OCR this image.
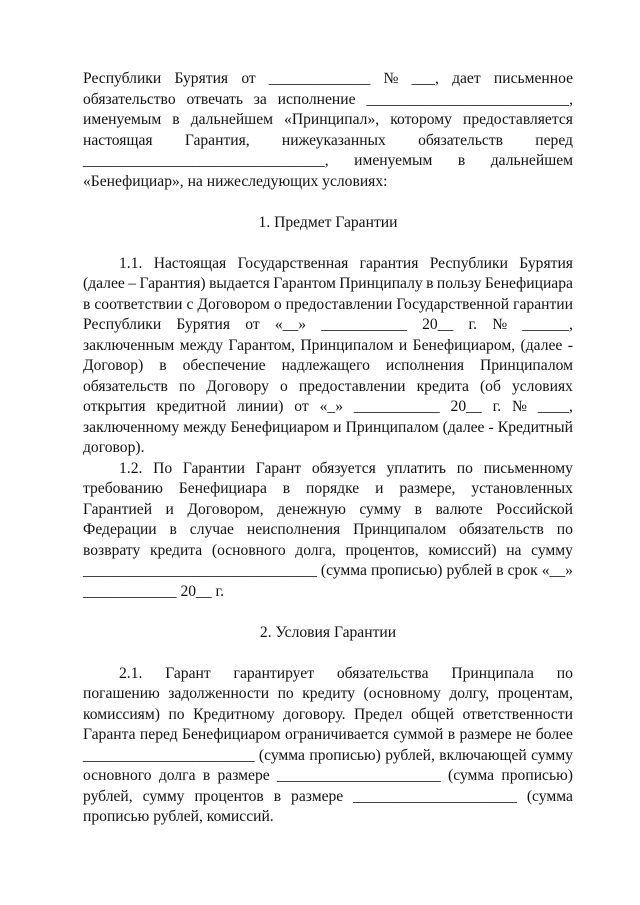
Республики Бурятия от _____________ № ___, дает письменное
обязательство отвечать за исполнение __________________________,
именуемым в дальнейшем «Принципал», которому предоставляется
настоящая Гарантия, нижеуказанных обязательств перед
_______________________________, именуемым в дальнейшем
«Бенефициар», на нижеследующих условиях:
1. Предмет Гарантии
1.1. Настоящая Государственная гарантия Республики Бурятия
(далее – Гарантия) выдается Гарантом Принципалу в пользу Бенефициара
в соответствии с Договором о предоставлении Государственной гарантии
Республики Бурятия от «__» ___________ 20__ г. № ______,
заключенным между Гарантом, Принципалом и Бенефициаром, (далее -
Договор) в обеспечение надлежащего исполнения Принципалом
обязательств по Договору о предоставлении кредита (об условиях
открытия кредитной линии) от «_» ___________ 20__ г. № ____,
заключенному между Бенефициаром и Принципалом (далее - Кредитный
договор).
1.2. По Гарантии Гарант обязуется уплатить по письменному
требованию Бенефициара в порядке и размере, установленных
Гарантией и Договором, денежную сумму в валюте Российской
Федерации в случае неисполнения Принципалом обязательств по
возврату кредита (основного долга, процентов, комиссий) на сумму
______________________________ (сумма прописью) рублей в срок «__»
____________ 20__ г.
2. Условия Гарантии
2.1. Гарант гарантирует обязательства Принципала по
погашению задолженности по кредиту (основному долгу, процентам,
комиссиям) по Кредитному договору. Предел общей ответственности
Гаранта перед Бенефициаром ограничивается суммой в размере не более
______________________ (сумма прописью) рублей, включающей сумму
основного долга в размере _____________________ (сумма прописью)
рублей, сумму процентов в размере _____________________ (сумма
прописью рублей, комиссий.
